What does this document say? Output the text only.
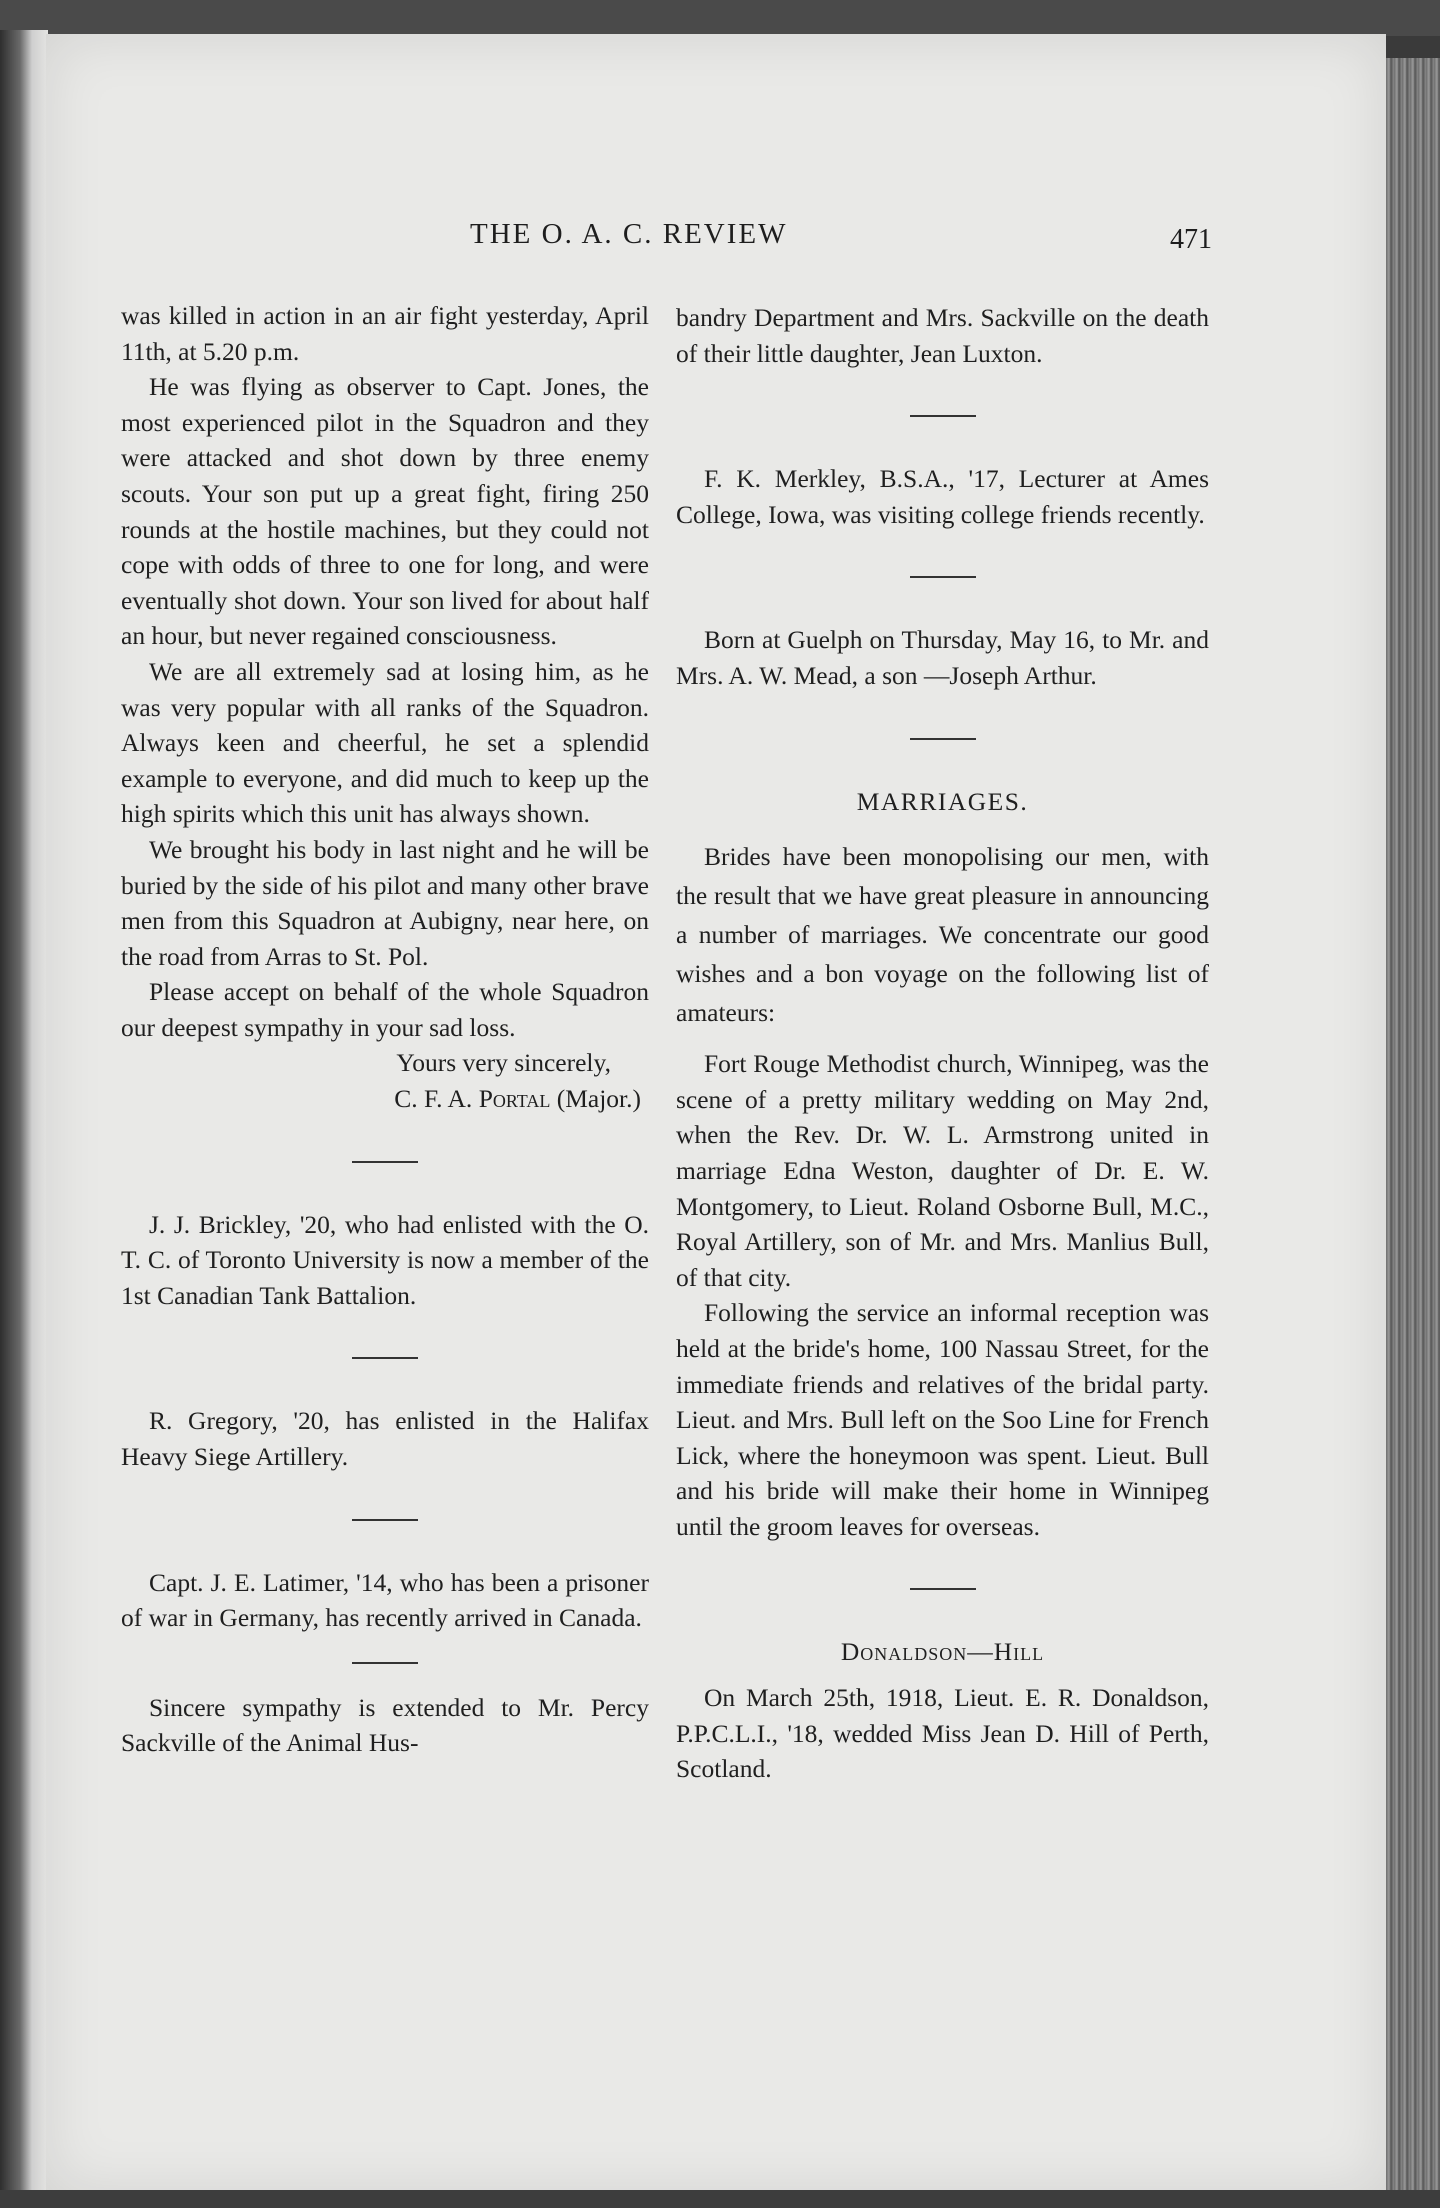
THE O. A. C. REVIEW	471

was killed in action in an air fight yesterday, April 11th, at 5.20 p.m.

He was flying as observer to Capt. Jones, the most experienced pilot in the Squadron and they were attacked and shot down by three enemy scouts. Your son put up a great fight, firing 250 rounds at the hostile machines, but they could not cope with odds of three to one for long, and were eventually shot down. Your son lived for about half an hour, but never regained consciousness.

We are all extremely sad at losing him, as he was very popular with all ranks of the Squadron. Always keen and cheerful, he set a splendid example to everyone, and did much to keep up the high spirits which this unit has always shown.

We brought his body in last night and he will be buried by the side of his pilot and many other brave men from this Squadron at Aubigny, near here, on the road from Arras to St. Pol.

Please accept on behalf of the whole Squadron our deepest sympathy in your sad loss.

Yours very sincerely,

C. F. A. Portal (Major.)

J. J. Brickley, '20, who had enlisted with the O. T. C. of Toronto University is now a member of the 1st Canadian Tank Battalion.

R. Gregory, '20, has enlisted in the Halifax Heavy Siege Artillery.

Capt. J. E. Latimer, '14, who has been a prisoner of war in Germany, has recently arrived in Canada.

Sincere sympathy is extended to Mr. Percy Sackville of the Animal Hus-

bandry Department and Mrs. Sackville on the death of their little daughter, Jean Luxton.

F. K. Merkley, B.S.A., '17, Lecturer at Ames College, Iowa, was visiting college friends recently.

Born at Guelph on Thursday, May 16, to Mr. and Mrs. A. W. Mead, a son —Joseph Arthur.

MARRIAGES.

Brides have been monopolising our men, with the result that we have great pleasure in announcing a number of marriages. We concentrate our good wishes and a bon voyage on the following list of amateurs:

Fort Rouge Methodist church, Winnipeg, was the scene of a pretty military wedding on May 2nd, when the Rev. Dr. W. L. Armstrong united in marriage Edna Weston, daughter of Dr. E. W. Montgomery, to Lieut. Roland Osborne Bull, M.C., Royal Artillery, son of Mr. and Mrs. Manlius Bull, of that city.

Following the service an informal reception was held at the bride's home, 100 Nassau Street, for the immediate friends and relatives of the bridal party. Lieut. and Mrs. Bull left on the Soo Line for French Lick, where the honeymoon was spent. Lieut. Bull and his bride will make their home in Winnipeg until the groom leaves for overseas.

Donaldson—Hill

On March 25th, 1918, Lieut. E. R. Donaldson, P.P.C.L.I., '18, wedded Miss Jean D. Hill of Perth, Scotland.
